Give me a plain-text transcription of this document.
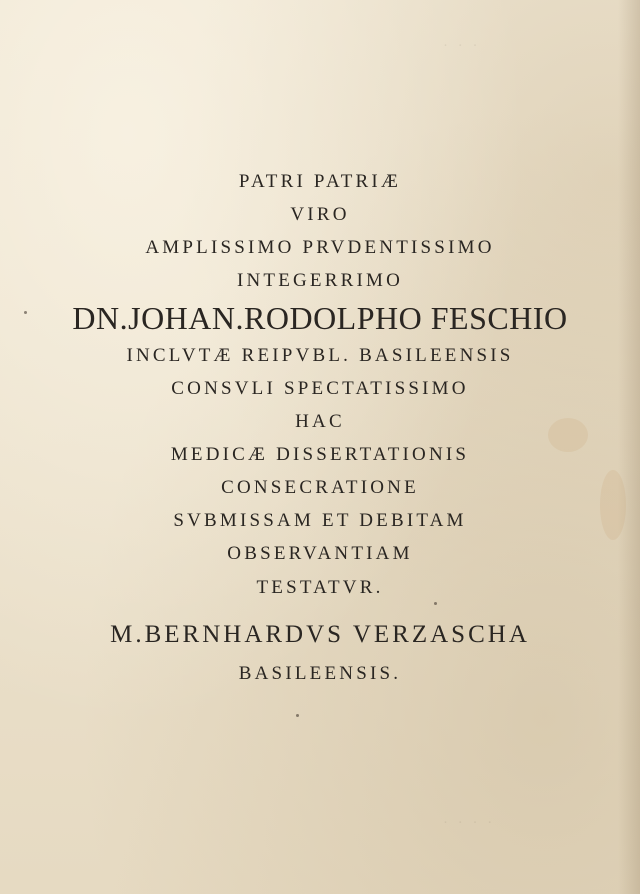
· · ·
· · · ·
PATRI PATRIÆ
VIRO
AMPLISSIMO PRVDENTISSIMO
INTEGERRIMO
DN.JOHAN.RODOLPHO FESCHIO
INCLVTÆ REIPVBL. BASILEENSIS
CONSVLI SPECTATISSIMO
HAC
MEDICÆ DISSERTATIONIS
CONSECRATIONE
SVBMISSAM ET DEBITAM
OBSERVANTIAM
TESTATVR.
M.BERNHARDVS VERZASCHA
BASILEENSIS.
